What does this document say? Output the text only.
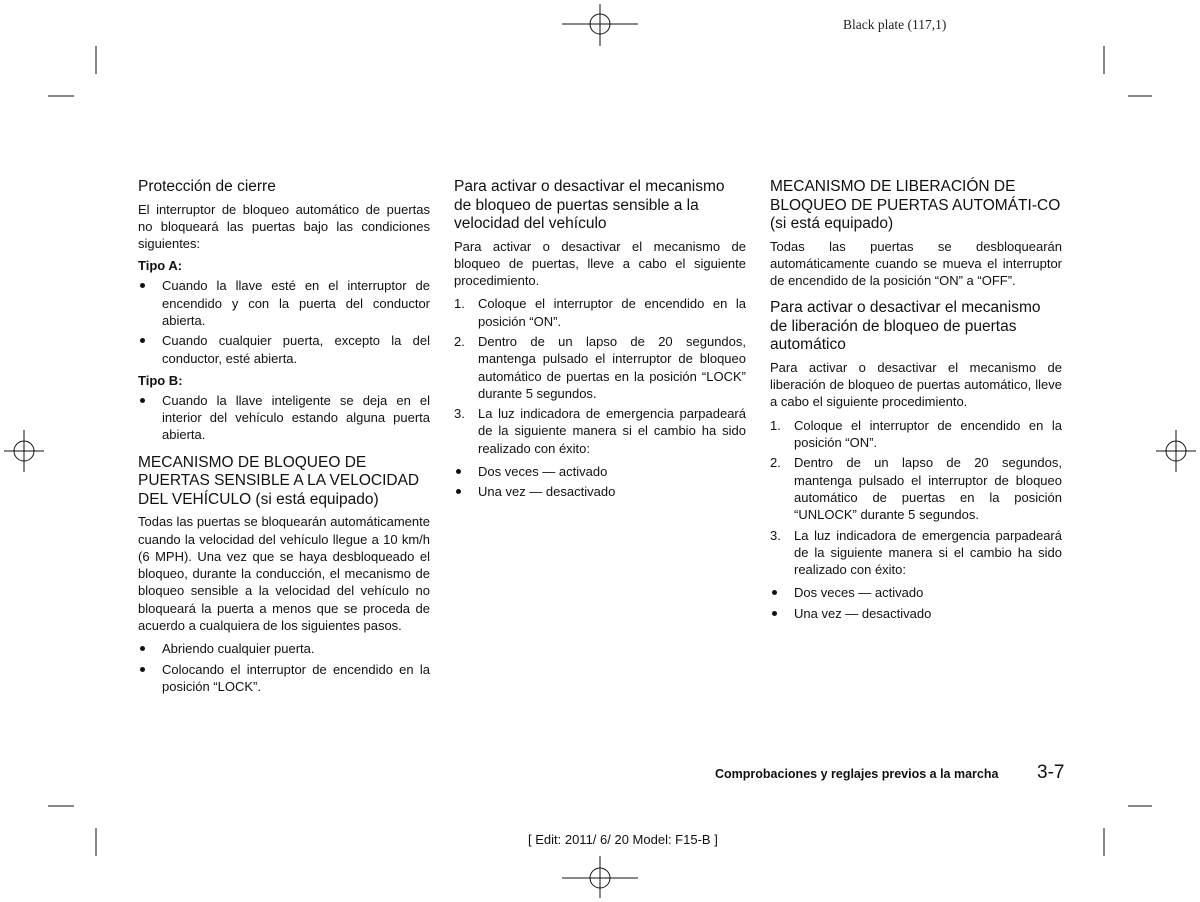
Black plate (117,1)
Protección de cierre

El interruptor de bloqueo automático de puertas no bloqueará las puertas bajo las condiciones siguientes:

Tipo A:
Cuando la llave esté en el interruptor de encendido y con la puerta del conductor abierta.
Cuando cualquier puerta, excepto la del conductor, esté abierta.
Tipo B:
Cuando la llave inteligente se deja en el interior del vehículo estando alguna puerta abierta.
MECANISMO DE BLOQUEO DE PUERTAS SENSIBLE A LA VELOCIDAD DEL VEHÍCULO (si está equipado)

Todas las puertas se bloquearán automáticamente cuando la velocidad del vehículo llegue a 10 km/h (6 MPH). Una vez que se haya desbloqueado el bloqueo, durante la conducción, el mecanismo de bloqueo sensible a la velocidad del vehículo no bloqueará la puerta a menos que se proceda de acuerdo a cualquiera de los siguientes pasos.

Abriendo cualquier puerta.
Colocando el interruptor de encendido en la posición “LOCK”.
Para activar o desactivar el mecanismo de bloqueo de puertas sensible a la velocidad del vehículo

Para activar o desactivar el mecanismo de bloqueo de puertas, lleve a cabo el siguiente procedimiento.

1. Coloque el interruptor de encendido en la posición “ON”.
2. Dentro de un lapso de 20 segundos, mantenga pulsado el interruptor de bloqueo automático de puertas en la posición “LOCK” durante 5 segundos.
3. La luz indicadora de emergencia parpadeará de la siguiente manera si el cambio ha sido realizado con éxito:
Dos veces — activado
Una vez — desactivado
MECANISMO DE LIBERACIÓN DE BLOQUEO DE PUERTAS AUTOMÁTI-CO (si está equipado)

Todas las puertas se desbloquearán automáticamente cuando se mueva el interruptor de encendido de la posición “ON” a “OFF”.

Para activar o desactivar el mecanismo de liberación de bloqueo de puertas automático

Para activar o desactivar el mecanismo de liberación de bloqueo de puertas automático, lleve a cabo el siguiente procedimiento.

1. Coloque el interruptor de encendido en la posición “ON”.
2. Dentro de un lapso de 20 segundos, mantenga pulsado el interruptor de bloqueo automático de puertas en la posición “UNLOCK” durante 5 segundos.
3. La luz indicadora de emergencia parpadeará de la siguiente manera si el cambio ha sido realizado con éxito:
Dos veces — activado
Una vez — desactivado
Comprobaciones y reglajes previos a la marcha 3-7
[ Edit: 2011/ 6/ 20 Model: F15-B ]
